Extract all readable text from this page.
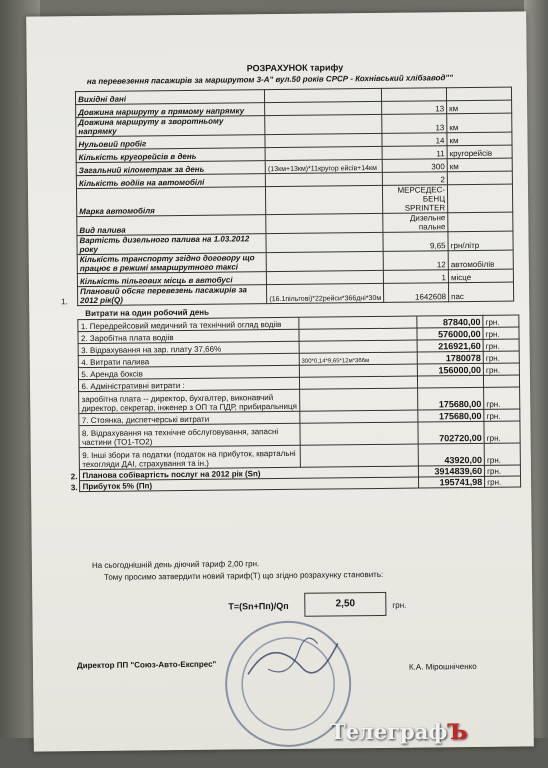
РОЗРАХУНОК тарифу
на перевезення пасажирів за маршрутом 3-А" вул.50 років СРСР - Кохнівський хлібзавод""
	Вихідні дані			
	Довжина маршруту в прямому напрямку		13	км
	Довжина маршруту в зворотньому напрямку		13	км
	Нульовий пробіг		14	км
	Кількість кругорейсів в день		11	кругорейсів
	Загальний кілометраж за день	(13км+13км)*11кругор ейсів+14км	300	км
	Кількість водіів на автомобілі		2	
	Марка автомобіля		МЕРСЕДЕС-БЕНЦ SPRINTER	
	Вид палива		Дизельне пальне	
	Вартість дизельного палива на 1.03.2012 року		9,65	грн/літр
	Кількість транспорту згідно договору що працює в режимі ммаршрутного таксі		12	автомобілів
	Кількість пільгових місць в автобусі		1	місце
1.	Плановий обсяг перевезень пасажирів за 2012 рік(Q)	(16.1пільгові)*22рейси*366дні*30м	1642608	пас
Витрати на один робочий день
	1. Передрейсовий медичний та технічний огляд водіів		87840,00	грн.
	2. Заробітна плата водіів		576000,00	грн.
	3. Відрахування на зар. плату 37,66%		216921,60	грн.
	4. Витрати палива	300*0,14*9,65*12м*366м	1780078	грн.
	5. Аренда боксів		156000,00	грн.
	6. Адміністративні витрати :			
	заробітна плата -- директор, бухгалтер, виконавчий директор, секретар, інженер з ОП та ПДР, прибиральниця		175680,00	грн.
	7. Стоянка, диспетчерські витрати		175680,00	грн.
	8. Відрахування на технічне обслуговування, запасні частини (ТО1-ТО2)		702720,00	грн.
	9. Інші збори та податки (податок на прибуток, квартальні техогляди ДАІ, страхування та ін.)		43920,00	грн.
2.	Планова собівартість послуг на 2012 рік (Sn)		3914839,60	грн.
3.	Прибуток 5% (Пп)		195741,98	грн.
На сьогоднішній день діючий тариф 2,00 грн.
Тому просимо затвердити новий тариф(Т) що згідно розрахунку становить:
Т=(Sn+Пп)/Qп	2,50	грн.
Директор ПП "Союз-Авто-Експрес"	К.А. Мірошніченко
ТелеграфЪ
